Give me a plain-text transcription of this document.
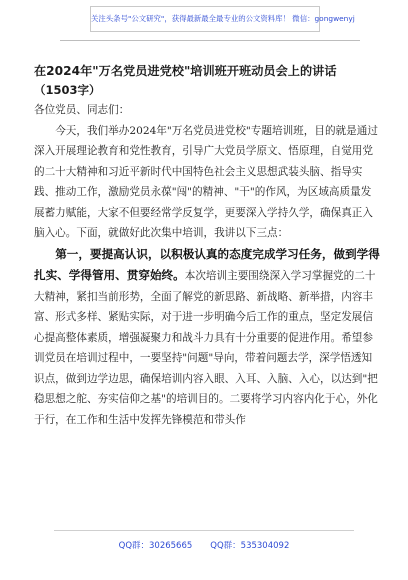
关注头条号"公文研究"，获得最新最全最专业的公文资料库！ 微信：gongwenyj
在2024年"万名党员进党校"培训班开班动员会上的讲话
（1503字）

各位党员、同志们：

今天，我们举办2024年"万名党员进党校"专题培训班，目的就是通过深入开展理论教育和党性教育，引导广大党员学原文、悟原理，自觉用党的二十大精神和习近平新时代中国特色社会主义思想武装头脑、指导实践、推动工作，激励党员永葆"闯"的精神、"干"的作风，为区域高质量发展蓄力赋能，大家不但要经常学反复学，更要深入学持久学，确保真正入脑入心。下面，就做好此次集中培训，我讲以下三点：

第一，要提高认识，以积极认真的态度完成学习任务，做到学得扎实、学得管用、贯穿始终。本次培训主要围绕深入学习掌握党的二十大精神，紧扣当前形势，全面了解党的新思路、新战略、新举措，内容丰富、形式多样、紧贴实际，对于进一步明确今后工作的重点，坚定发展信心提高整体素质，增强凝聚力和战斗力具有十分重要的促进作用。希望参训党员在培训过程中，一要坚持"问题"导向，带着问题去学，深学悟透知识点，做到边学边思，确保培训内容入眼、入耳、入脑、入心，以达到"把稳思想之舵、夯实信仰之基"的培训目的。二要将学习内容内化于心，外化于行，在工作和生活中发挥先锋模范和带头作

QQ群：30265665 QQ群：535304092
